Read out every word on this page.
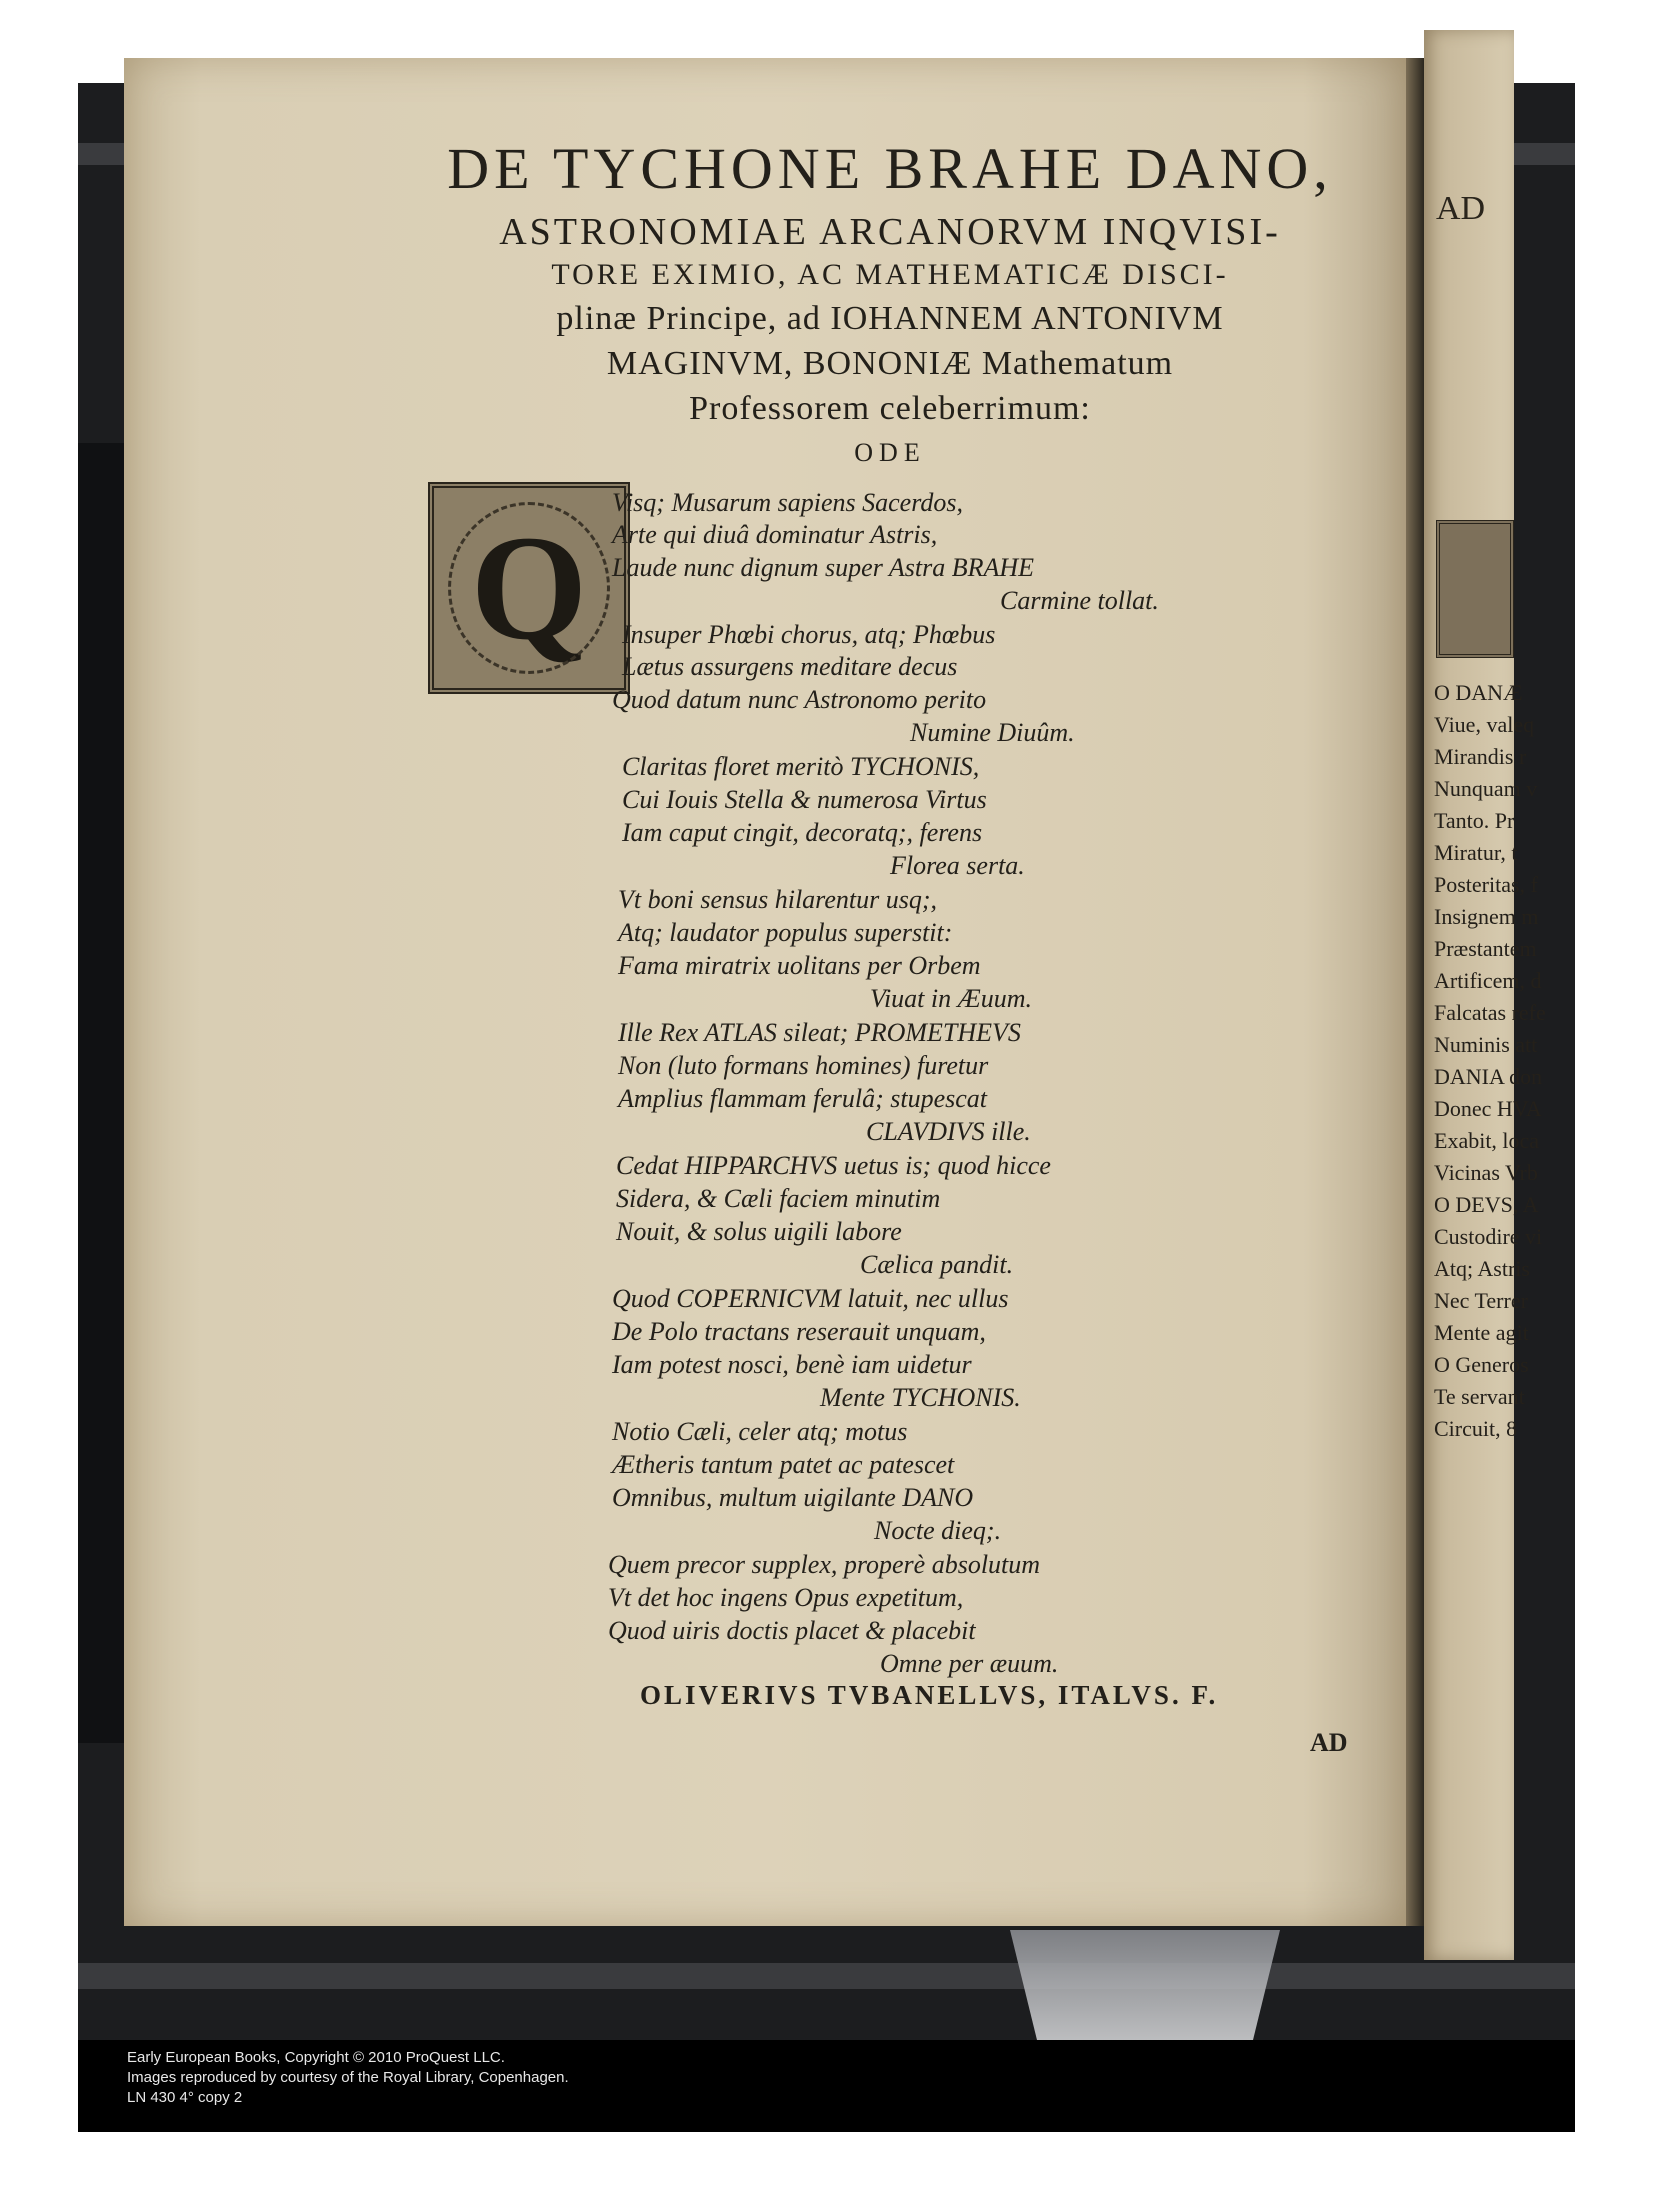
DE TYCHONE BRAHE DANO,
ASTRONOMIAE ARCANORVM INQVISI-
TORE EXIMIO, AC MATHEMATICÆ DISCI-
plinæ Principe, ad IOHANNEM ANTONIVM
MAGINVM, BONONIÆ Mathematum
Professorem celeberrimum:
ODE
Q
Visq; Musarum sapiens Sacerdos,
Arte qui diuâ dominatur Astris,
Laude nunc dignum super Astra BRAHE
Carmine tollat.
Insuper Phœbi chorus, atq; Phœbus
Lætus assurgens meditare decus
Quod datum nunc Astronomo perito
Numine Diuûm.
Claritas floret meritò TYCHONIS,
Cui Iouis Stella & numerosa Virtus
Iam caput cingit, decoratq;, ferens
Florea serta.
Vt boni sensus hilarentur usq;,
Atq; laudator populus superstit:
Fama miratrix uolitans per Orbem
Viuat in Æuum.
Ille Rex ATLAS sileat; PROMETHEVS
Non (luto formans homines) furetur
Amplius flammam ferulâ; stupescat
CLAVDIVS ille.
Cedat HIPPARCHVS uetus is; quod hicce
Sidera, & Cæli faciem minutim
Nouit, & solus uigili labore
Cælica pandit.
Quod COPERNICVM latuit, nec ullus
De Polo tractans reserauit unquam,
Iam potest nosci, benè iam uidetur
Mente TYCHONIS.
Notio Cæli, celer atq; motus
Ætheris tantum patet ac patescet
Omnibus, multum uigilante DANO
Nocte dieq;.
Quem precor supplex, properè absolutum
Vt det hoc ingens Opus expetitum,
Quod uiris doctis placet & placebit
Omne per æuum.
OLIVERIVS TVBANELLVS, ITALVS. F.
AD
AD
O DANÆ
Viue, valeq
Mirandis r
Nunquam v
Tanto. Pr
Miratur, t
Posteritas, f
Insignem m
Præstantem
Artificem, d
Falcatas refe
Numinis att
DANIA don
Donec HVA
Exabit, loca
Vicinas Vrb
O DEVS, A
Custodire vi
Atq; Astris
Nec Terrer
Mente agit
O Generos
Te servant
Circuit, 8
Early European Books, Copyright © 2010 ProQuest LLC.
Images reproduced by courtesy of the Royal Library, Copenhagen.
LN 430 4° copy 2
